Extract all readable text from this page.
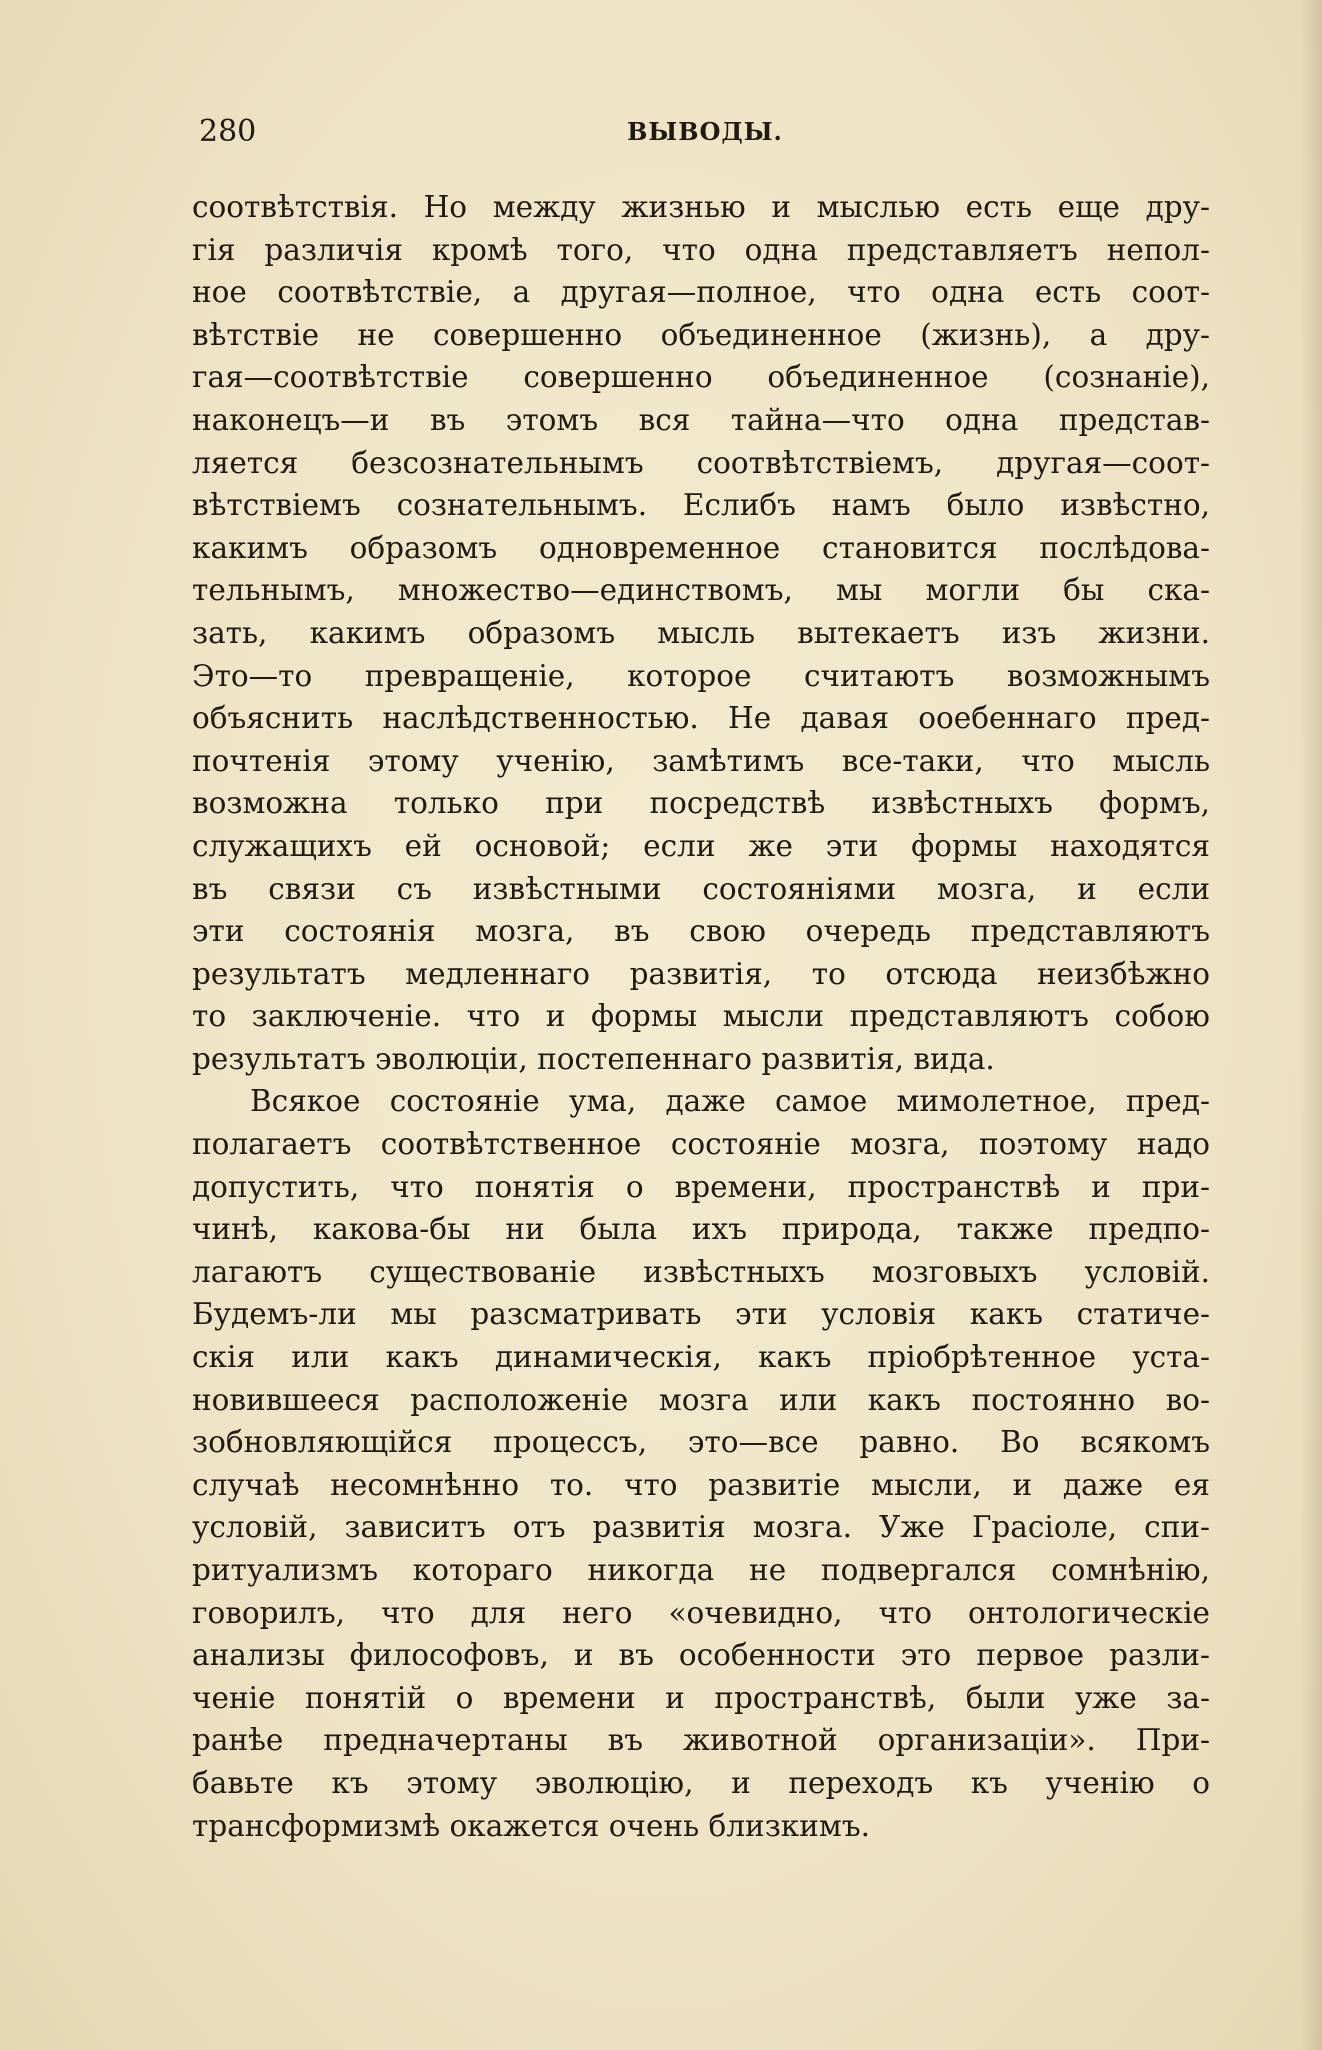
280	ВЫВОДЫ.
соотвѣтствія. Но между жизнью и мыслью есть еще дру-
гія различія кромѣ того, что одна представляетъ непол-
ное соотвѣтствіе, а другая—полное, что одна есть соот-
вѣтствіе не совершенно объединенное (жизнь), а дру-
гая—соотвѣтствіе совершенно объединенное (сознаніе),
наконецъ—и въ этомъ вся тайна—что одна представ-
ляется безсознательнымъ соотвѣтствіемъ, другая—соот-
вѣтствіемъ сознательнымъ. Еслибъ намъ было извѣстно,
какимъ образомъ одновременное становится послѣдова-
тельнымъ, множество—единствомъ, мы могли бы ска-
зать, какимъ образомъ мысль вытекаетъ изъ жизни.
Это—то превращеніе, которое считаютъ возможнымъ
объяснить наслѣдственностью. Не давая ооебеннаго пред-
почтенія этому ученію, замѣтимъ все-таки, что мысль
возможна только при посредствѣ извѣстныхъ формъ,
служащихъ ей основой; если же эти формы находятся
въ связи съ извѣстными состояніями мозга, и если
эти состоянія мозга, въ свою очередь представляютъ
результатъ медленнаго развитія, то отсюда неизбѣжно
то заключеніе. что и формы мысли представляютъ собою
результатъ эволюціи, постепеннаго развитія, вида.
Всякое состояніе ума, даже самое мимолетное, пред-
полагаетъ соотвѣтственное состояніе мозга, поэтому надо
допустить, что понятія о времени, пространствѣ и при-
чинѣ, какова-бы ни была ихъ природа, также предпо-
лагаютъ существованіе извѣстныхъ мозговыхъ условій.
Будемъ-ли мы разсматривать эти условія какъ статиче-
скія или какъ динамическія, какъ пріобрѣтенное уста-
новившееся расположеніе мозга или какъ постоянно во-
зобновляющійся процессъ, это—все равно. Во всякомъ
случаѣ несомнѣнно то. что развитіе мысли, и даже ея
условій, зависитъ отъ развитія мозга. Уже Грасіоле, спи-
ритуализмъ котораго никогда не подвергался сомнѣнію,
говорилъ, что для него «очевидно, что онтологическіе
анализы философовъ, и въ особенности это первое разли-
ченіе понятій о времени и пространствѣ, были уже за-
ранѣе предначертаны въ животной организаціи». При-
бавьте къ этому эволюцію, и переходъ къ ученію о
трансформизмѣ окажется очень близкимъ.
